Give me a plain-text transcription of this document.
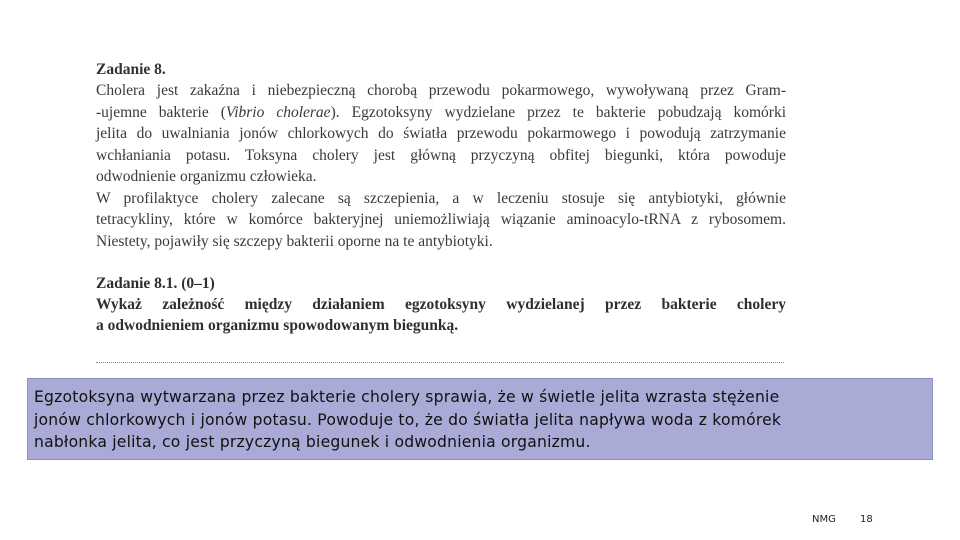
Zadanie 8.

Cholera jest zakaźna i niebezpieczną chorobą przewodu pokarmowego, wywoływaną przez Gram-
-ujemne bakterie (Vibrio cholerae). Egzotoksyny wydzielane przez te bakterie pobudzają komórki
jelita do uwalniania jonów chlorkowych do światła przewodu pokarmowego i powodują zatrzymanie
wchłaniania potasu. Toksyna cholery jest główną przyczyną obfitej biegunki, która powoduje
odwodnienie organizmu człowieka.
W profilaktyce cholery zalecane są szczepienia, a w leczeniu stosuje się antybiotyki, głównie
tetracykliny, które w komórce bakteryjnej uniemożliwiają wiązanie aminoacylo-tRNA z rybosomem.
Niestety, pojawiły się szczepy bakterii oporne na te antybiotyki.

Zadanie 8.1. (0–1)

Wykaż zależność między działaniem egzotoksyny wydzielanej przez bakterie cholery
a odwodnieniem organizmu spowodowanym biegunką.

Egzotoksyna wytwarzana przez bakterie cholery sprawia, że w świetle jelita wzrasta stężenie
jonów chlorkowych i jonów potasu. Powoduje to, że do światła jelita napływa woda z komórek
nabłonka jelita, co jest przyczyną biegunek i odwodnienia organizmu.
NMG 18
